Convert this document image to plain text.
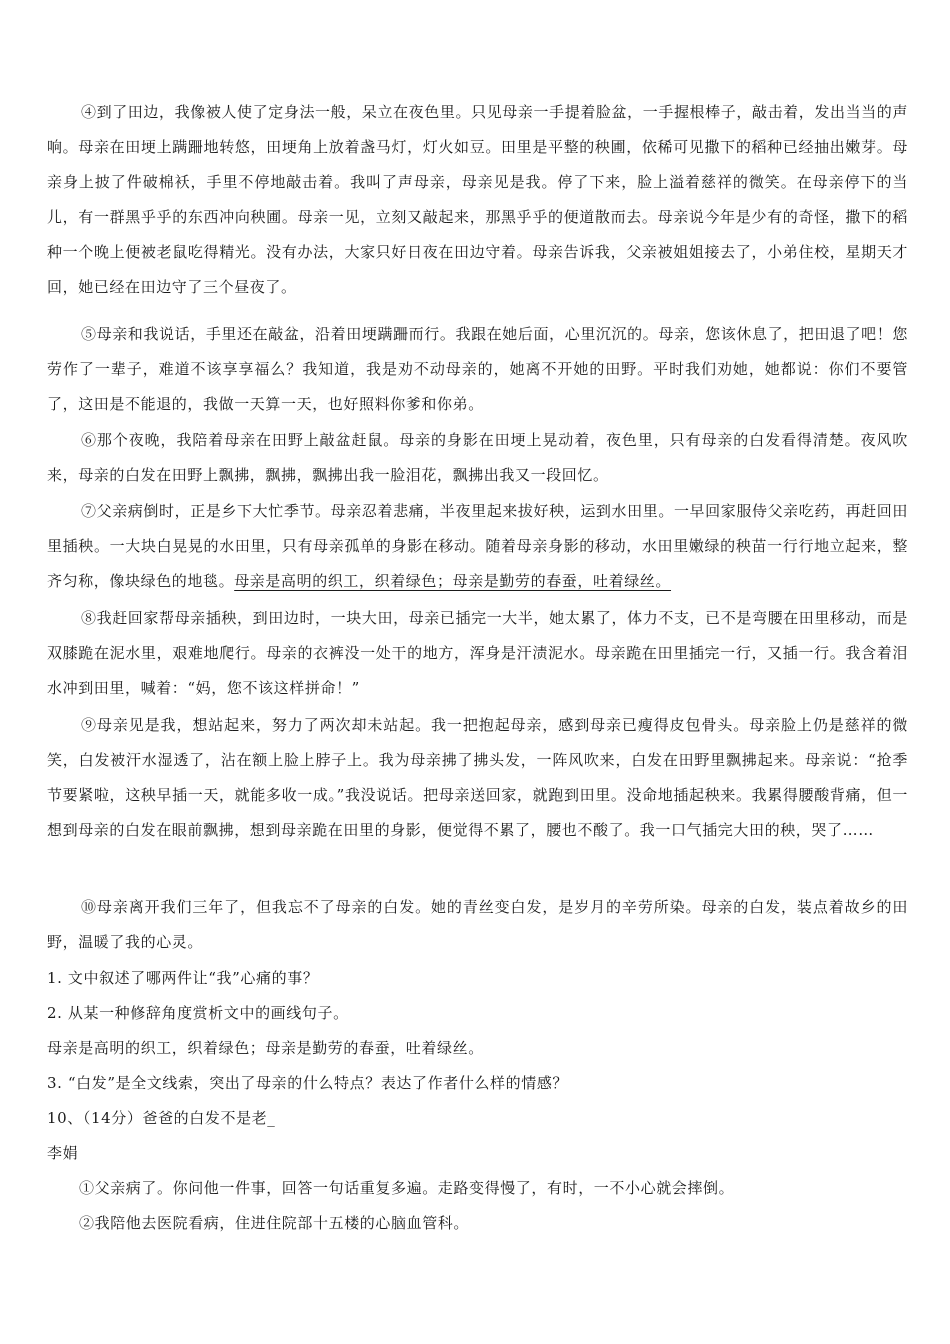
④到了田边，我像被人使了定身法一般，呆立在夜色里。只见母亲一手提着脸盆，一手握根棒子，敲击着，发出当当的声响。母亲在田埂上蹒跚地转悠，田埂角上放着盏马灯，灯火如豆。田里是平整的秧圃，依稀可见撒下的稻种已经抽出嫩芽。母亲身上披了件破棉袄，手里不停地敲击着。我叫了声母亲，母亲见是我。停了下来，脸上溢着慈祥的微笑。在母亲停下的当儿，有一群黑乎乎的东西冲向秧圃。母亲一见，立刻又敲起来，那黑乎乎的便道散而去。母亲说今年是少有的奇怪，撒下的稻种一个晚上便被老鼠吃得精光。没有办法，大家只好日夜在田边守着。母亲告诉我，父亲被姐姐接去了，小弟住校，星期天才回，她已经在田边守了三个昼夜了。

⑤母亲和我说话，手里还在敲盆，沿着田埂蹒跚而行。我跟在她后面，心里沉沉的。母亲，您该休息了，把田退了吧！您劳作了一辈子，难道不该享享福么？我知道，我是劝不动母亲的，她离不开她的田野。平时我们劝她，她都说：你们不要管了，这田是不能退的，我做一天算一天，也好照料你爹和你弟。

⑥那个夜晚，我陪着母亲在田野上敲盆赶鼠。母亲的身影在田埂上晃动着，夜色里，只有母亲的白发看得清楚。夜风吹来，母亲的白发在田野上飘拂，飘拂，飘拂出我一脸泪花，飘拂出我又一段回忆。

⑦父亲病倒时，正是乡下大忙季节。母亲忍着悲痛，半夜里起来拔好秧，运到水田里。一早回家服侍父亲吃药，再赶回田里插秧。一大块白晃晃的水田里，只有母亲孤单的身影在移动。随着母亲身影的移动，水田里嫩绿的秧苗一行行地立起来，整齐匀称，像块绿色的地毯。母亲是高明的织工，织着绿色；母亲是勤劳的春蚕，吐着绿丝。

⑧我赶回家帮母亲插秧，到田边时，一块大田，母亲已插完一大半，她太累了，体力不支，已不是弯腰在田里移动，而是双膝跪在泥水里，艰难地爬行。母亲的衣裤没一处干的地方，浑身是汗渍泥水。母亲跪在田里插完一行，又插一行。我含着泪水冲到田里，喊着：“妈，您不该这样拼命！”

⑨母亲见是我，想站起来，努力了两次却未站起。我一把抱起母亲，感到母亲已瘦得皮包骨头。母亲脸上仍是慈祥的微笑，白发被汗水湿透了，沾在额上脸上脖子上。我为母亲拂了拂头发，一阵风吹来，白发在田野里飘拂起来。母亲说：“抢季节要紧啦，这秧早插一天，就能多收一成。”我没说话。把母亲送回家，就跑到田里。没命地插起秧来。我累得腰酸背痛，但一想到母亲的白发在眼前飘拂，想到母亲跪在田里的身影，便觉得不累了，腰也不酸了。我一口气插完大田的秧，哭了……

⑩母亲离开我们三年了，但我忘不了母亲的白发。她的青丝变白发，是岁月的辛劳所染。母亲的白发，装点着故乡的田野，温暖了我的心灵。

1. 文中叙述了哪两件让“我”心痛的事？

2. 从某一种修辞角度赏析文中的画线句子。

母亲是高明的织工，织着绿色；母亲是勤劳的春蚕，吐着绿丝。

3. “白发”是全文线索，突出了母亲的什么特点？表达了作者什么样的情感？

10、（14分）爸爸的白发不是老_

李娟

①父亲病了。你问他一件事，回答一句话重复多遍。走路变得慢了，有时，一不小心就会摔倒。

②我陪他去医院看病，住进住院部十五楼的心脑血管科。
